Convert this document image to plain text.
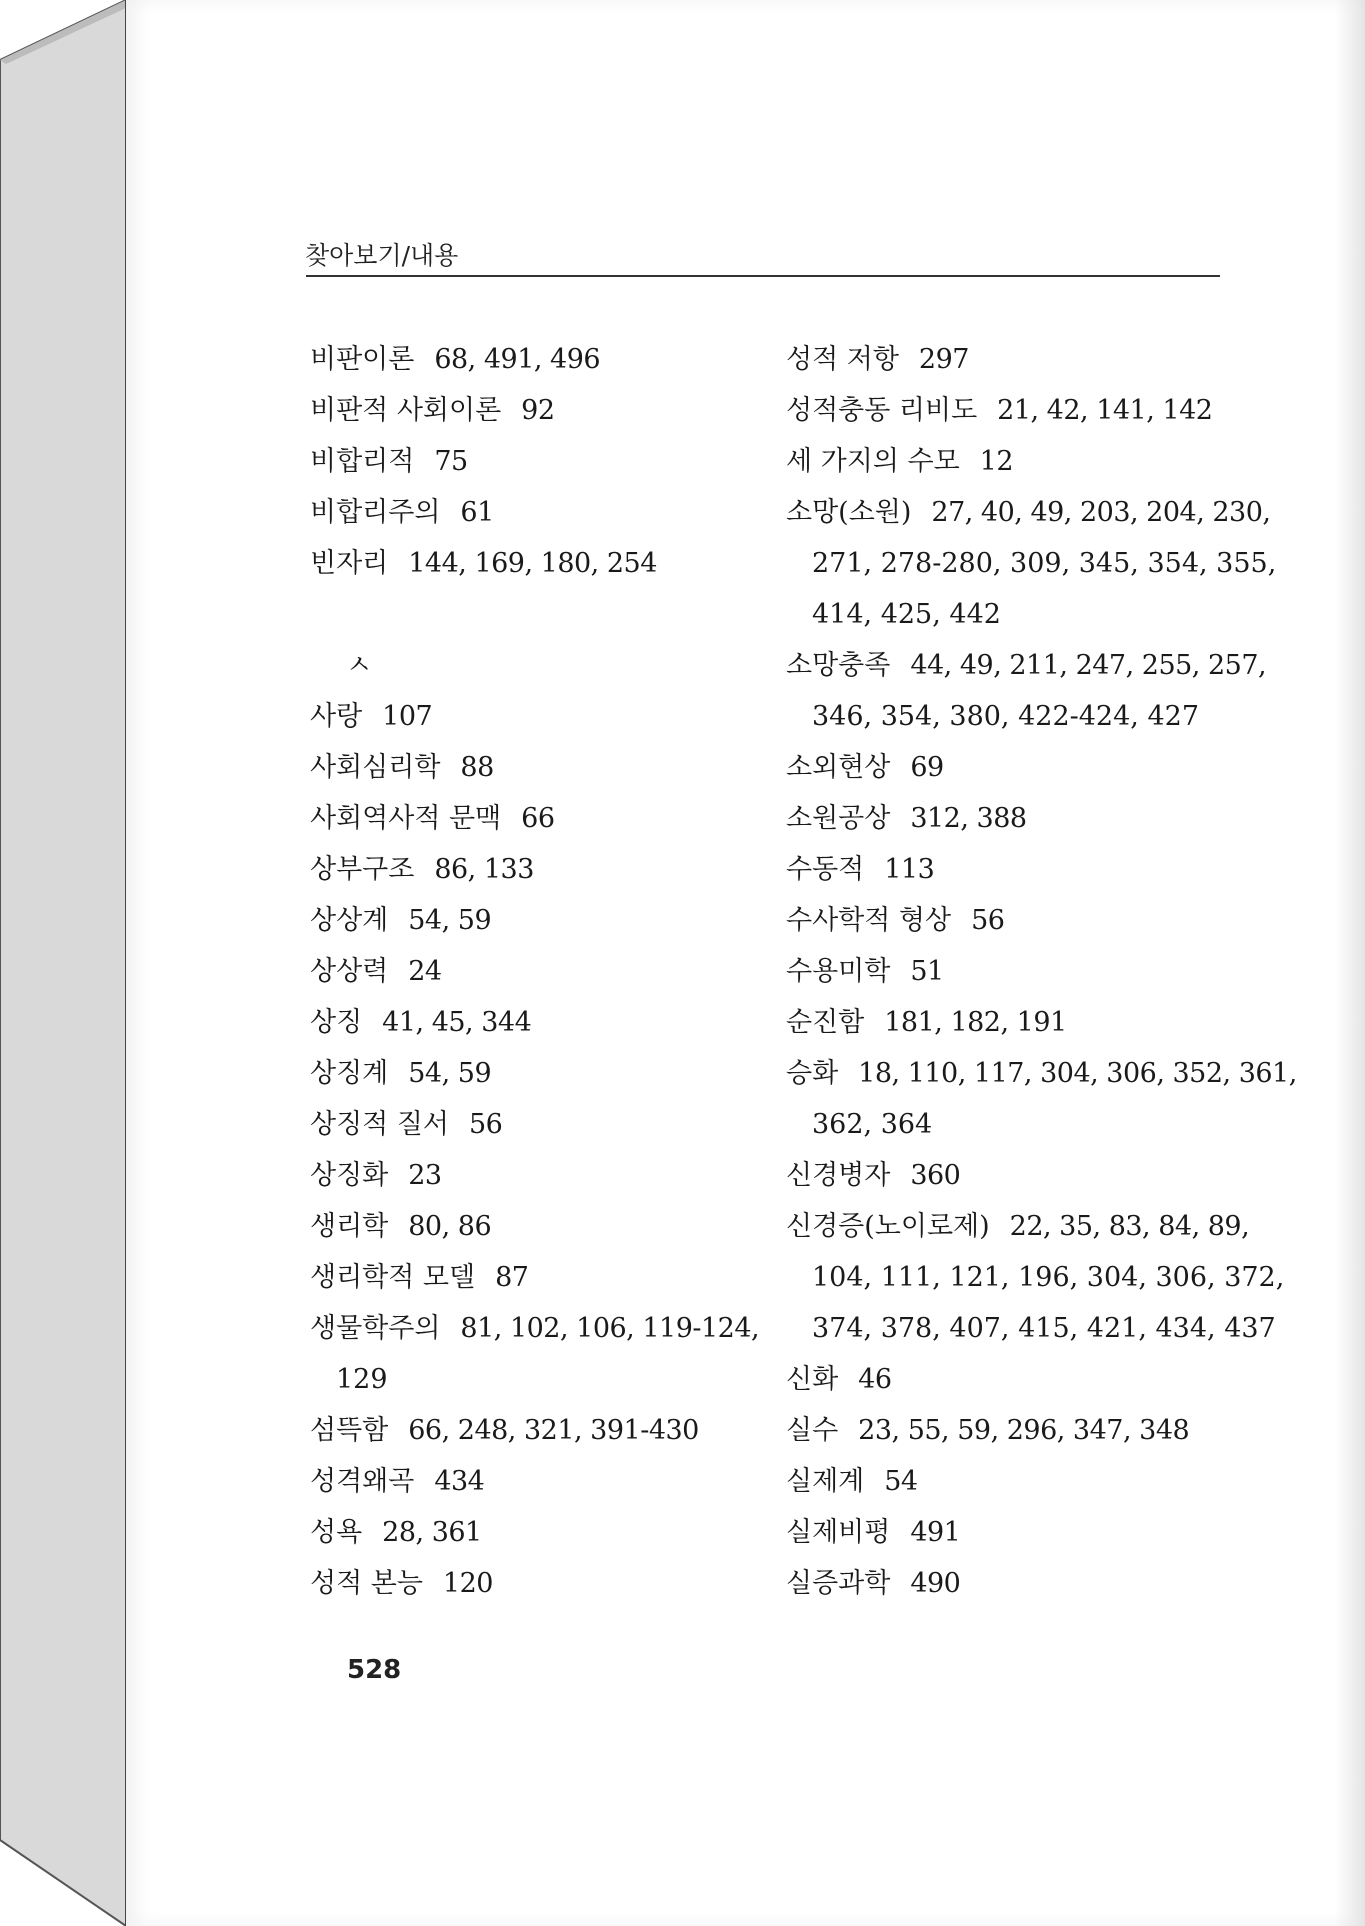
찾아보기/내용
비판이론 68, 491, 496
비판적 사회이론 92
비합리적 75
비합리주의 61
빈자리 144, 169, 180, 254

ㅅ
사랑 107
사회심리학 88
사회역사적 문맥 66
상부구조 86, 133
상상계 54, 59
상상력 24
상징 41, 45, 344
상징계 54, 59
상징적 질서 56
상징화 23
생리학 80, 86
생리학적 모델 87
생물학주의 81, 102, 106, 119-124,
129
섬뜩함 66, 248, 321, 391-430
성격왜곡 434
성욕 28, 361
성적 본능 120
성적 저항 297
성적충동 리비도 21, 42, 141, 142
세 가지의 수모 12
소망(소원) 27, 40, 49, 203, 204, 230,
271, 278-280, 309, 345, 354, 355,
414, 425, 442
소망충족 44, 49, 211, 247, 255, 257,
346, 354, 380, 422-424, 427
소외현상 69
소원공상 312, 388
수동적 113
수사학적 형상 56
수용미학 51
순진함 181, 182, 191
승화 18, 110, 117, 304, 306, 352, 361,
362, 364
신경병자 360
신경증(노이로제) 22, 35, 83, 84, 89,
104, 111, 121, 196, 304, 306, 372,
374, 378, 407, 415, 421, 434, 437
신화 46
실수 23, 55, 59, 296, 347, 348
실제계 54
실제비평 491
실증과학 490
528
